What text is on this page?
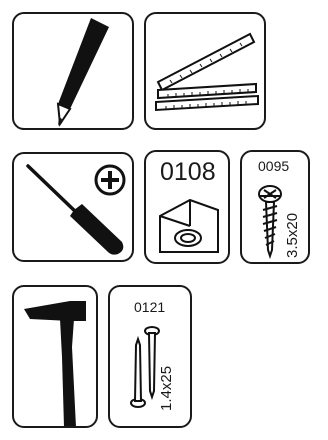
0108	0095
3.5x20
0121
1.4x25
